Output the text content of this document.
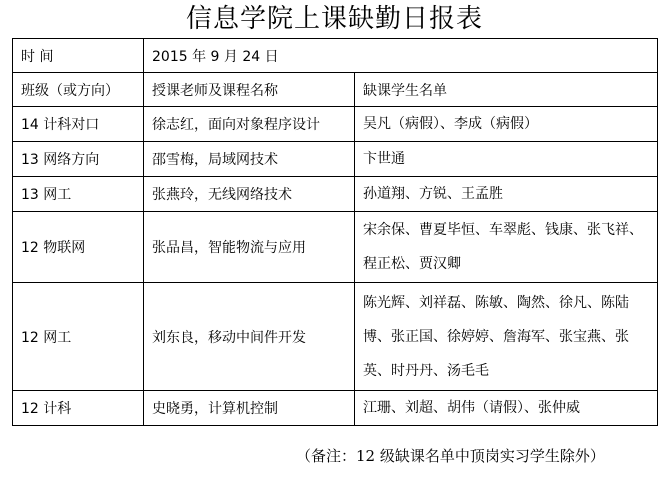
信息学院上课缺勤日报表
时 间	2015 年 9 月 24 日	
班级（或方向）	授课老师及课程名称	缺课学生名单
14 计科对口	徐志红，面向对象程序设计	吴凡（病假）、李成（病假）
13 网络方向	邵雪梅，局域网技术	卞世通
13 网工	张燕玲，无线网络技术	孙道翔、方锐、王孟胜
12 物联网	张品昌，智能物流与应用	宋余保、曹夏毕恒、车翠彪、钱康、张飞祥、程正松、贾汉卿
12 网工	刘东良，移动中间件开发	陈光辉、刘祥磊、陈敏、陶然、徐凡、陈陆博、张正国、徐婷婷、詹海军、张宝燕、张英、时丹丹、汤毛毛
12 计科	史晓勇，计算机控制	江珊、刘超、胡伟（请假）、张仲威
（备注：12 级缺课名单中顶岗实习学生除外）
